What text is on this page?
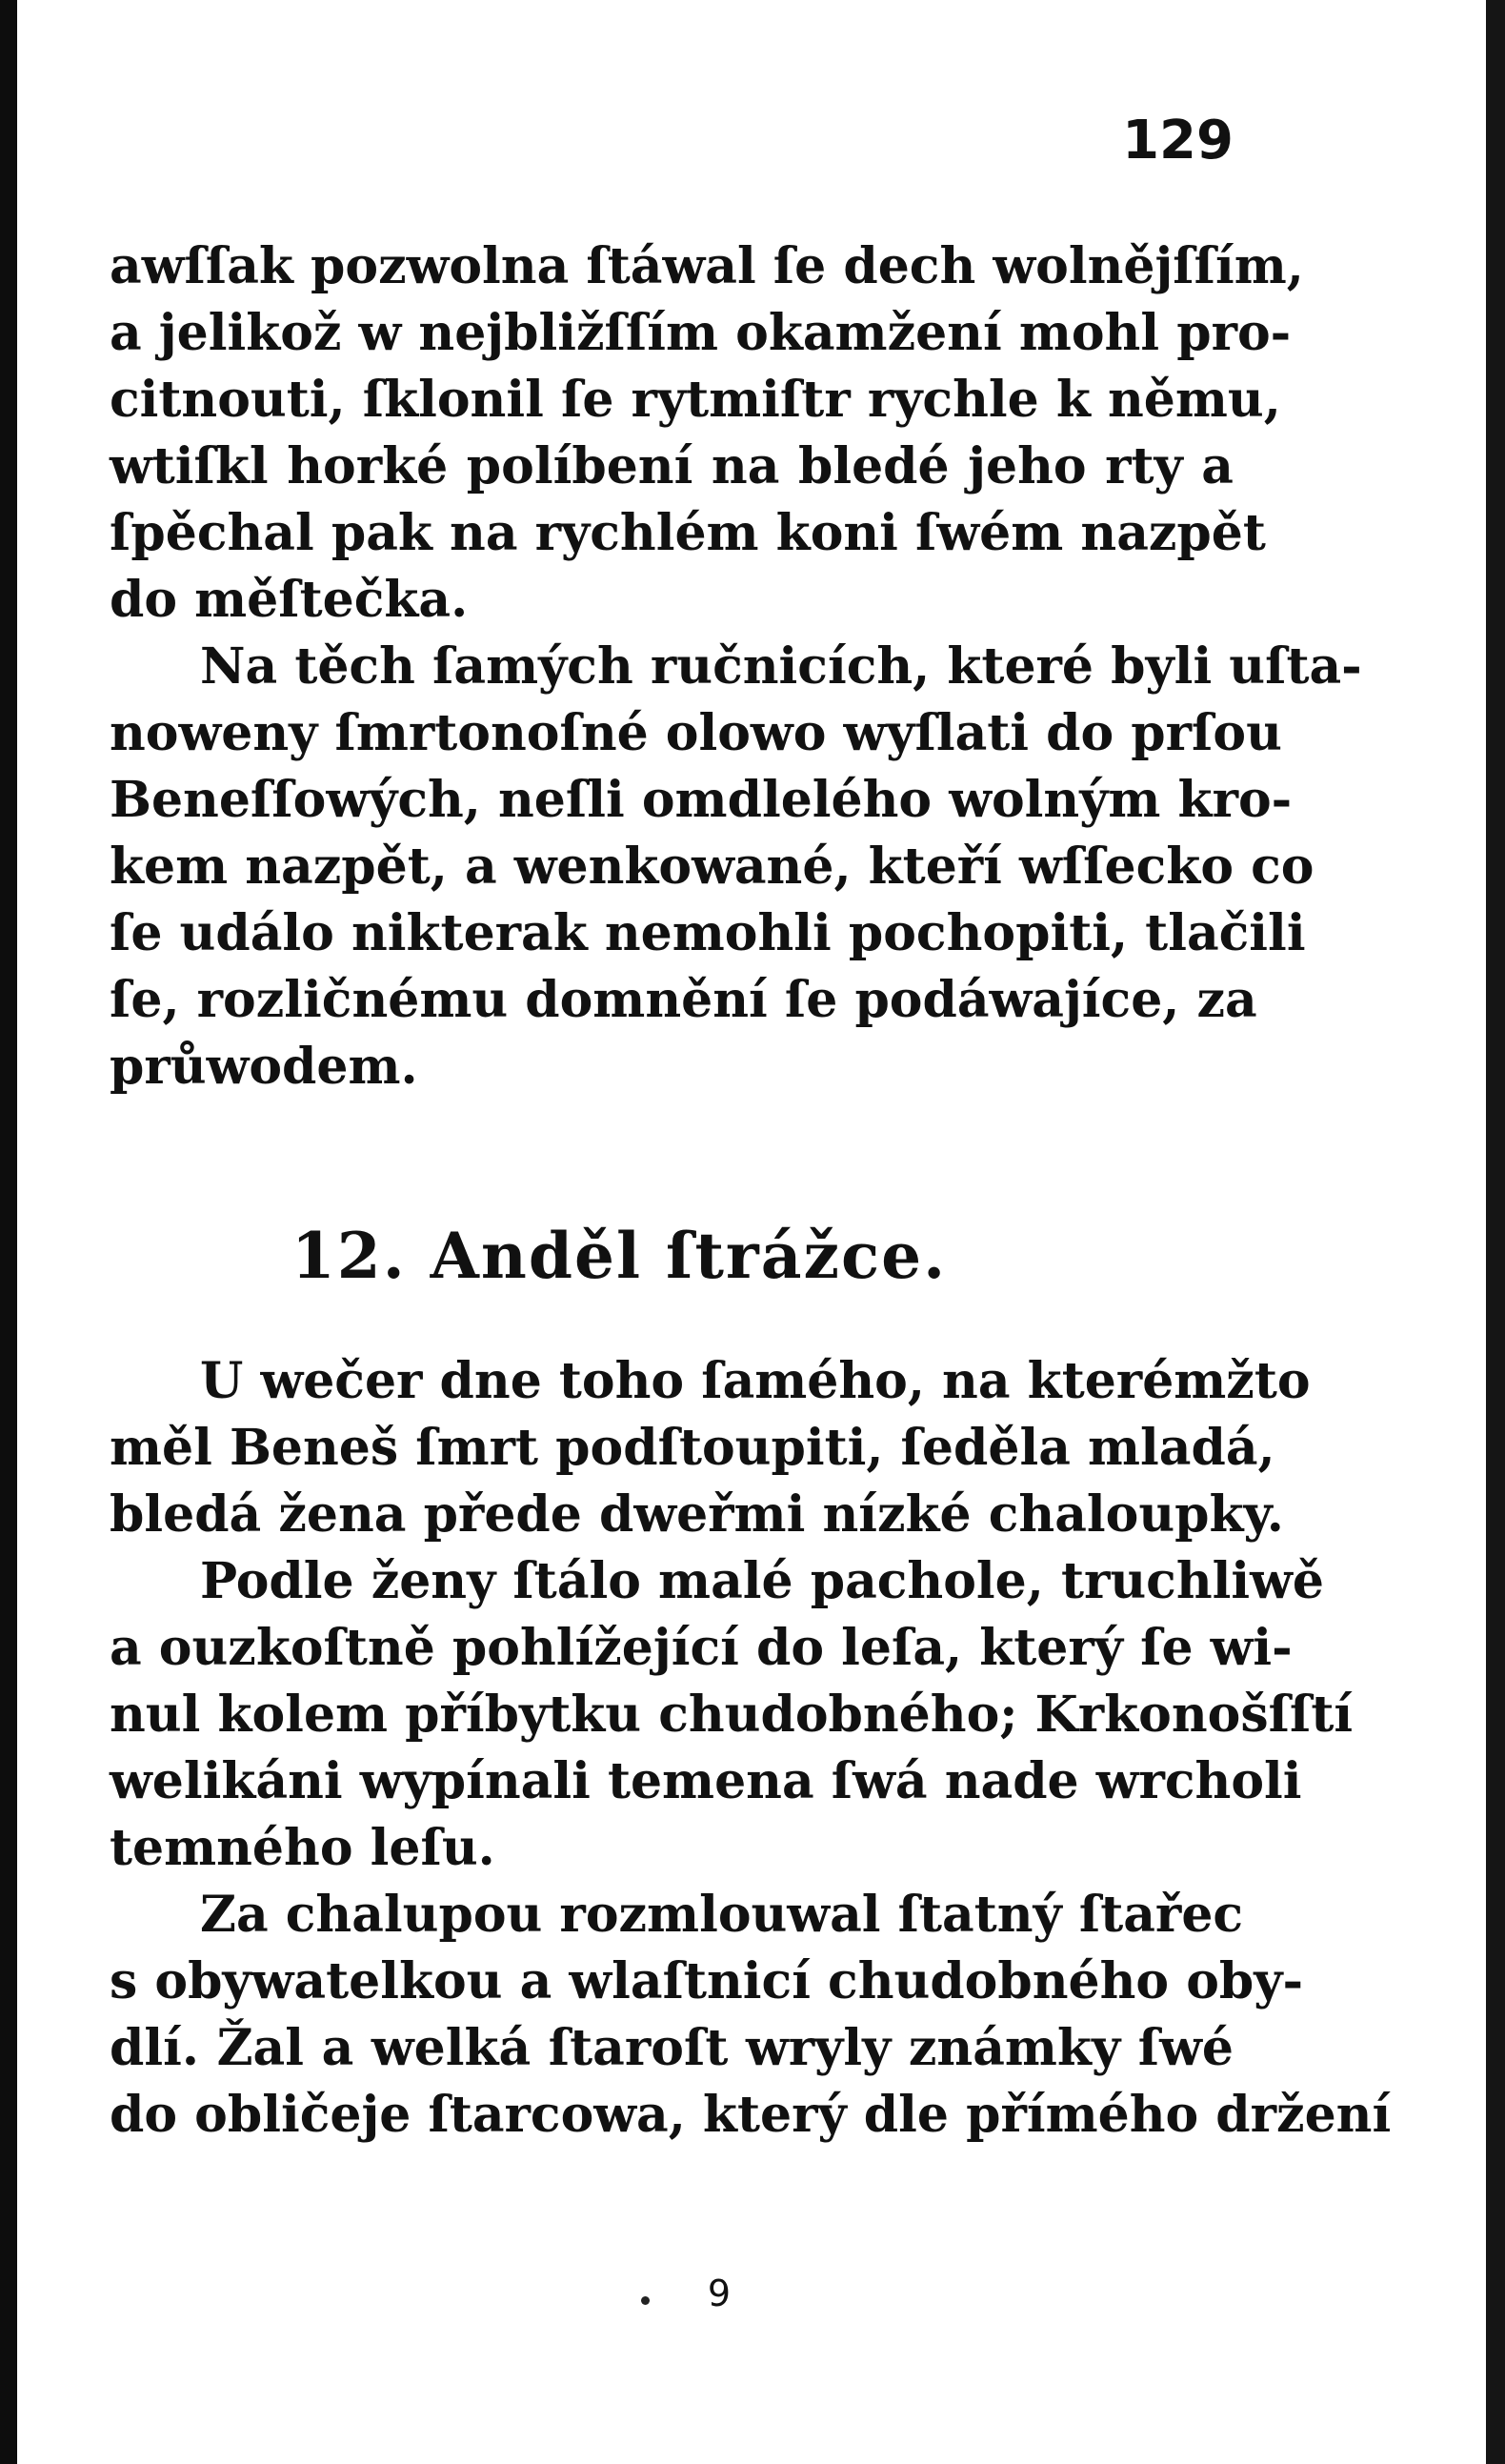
129
awſſak pozwolna ſtáwal ſe dech wolnějſſím,
a jelikož w nejbližſſím okamžení mohl pro-
citnouti, ſklonil ſe rytmiſtr rychle k němu,
wtiſkl horké políbení na bledé jeho rty a
ſpěchal pak na rychlém koni ſwém nazpět
do měſtečka.
Na těch ſamých ručnicích, které byli uſta-
noweny ſmrtonoſné olowo wyſlati do prſou
Beneſſowých, neſli omdlelého wolným kro-
kem nazpět, a wenkowané, kteří wſſecko co
ſe událo nikterak nemohli pochopiti, tlačili
ſe, rozličnému domnění ſe podáwajíce, za
průwodem.
12. Anděl ſtrážce.
U wečer dne toho ſamého, na kterémžto
měl Beneš ſmrt podſtoupiti, ſeděla mladá,
bledá žena přede dweřmi nízké chaloupky.
Podle ženy ſtálo malé pachole, truchliwě
a ouzkoſtně pohlížející do leſa, který ſe wi-
nul kolem příbytku chudobného; Krkonošſſtí
welikáni wypínali temena ſwá nade wrcholi
temného leſu.
Za chalupou rozmlouwal ſtatný ſtařec
s obywatelkou a wlaſtnicí chudobného oby-
dlí. Žal a welká ſtaroſt wryly známky ſwé
do obličeje ſtarcowa, který dle přímého držení
9
